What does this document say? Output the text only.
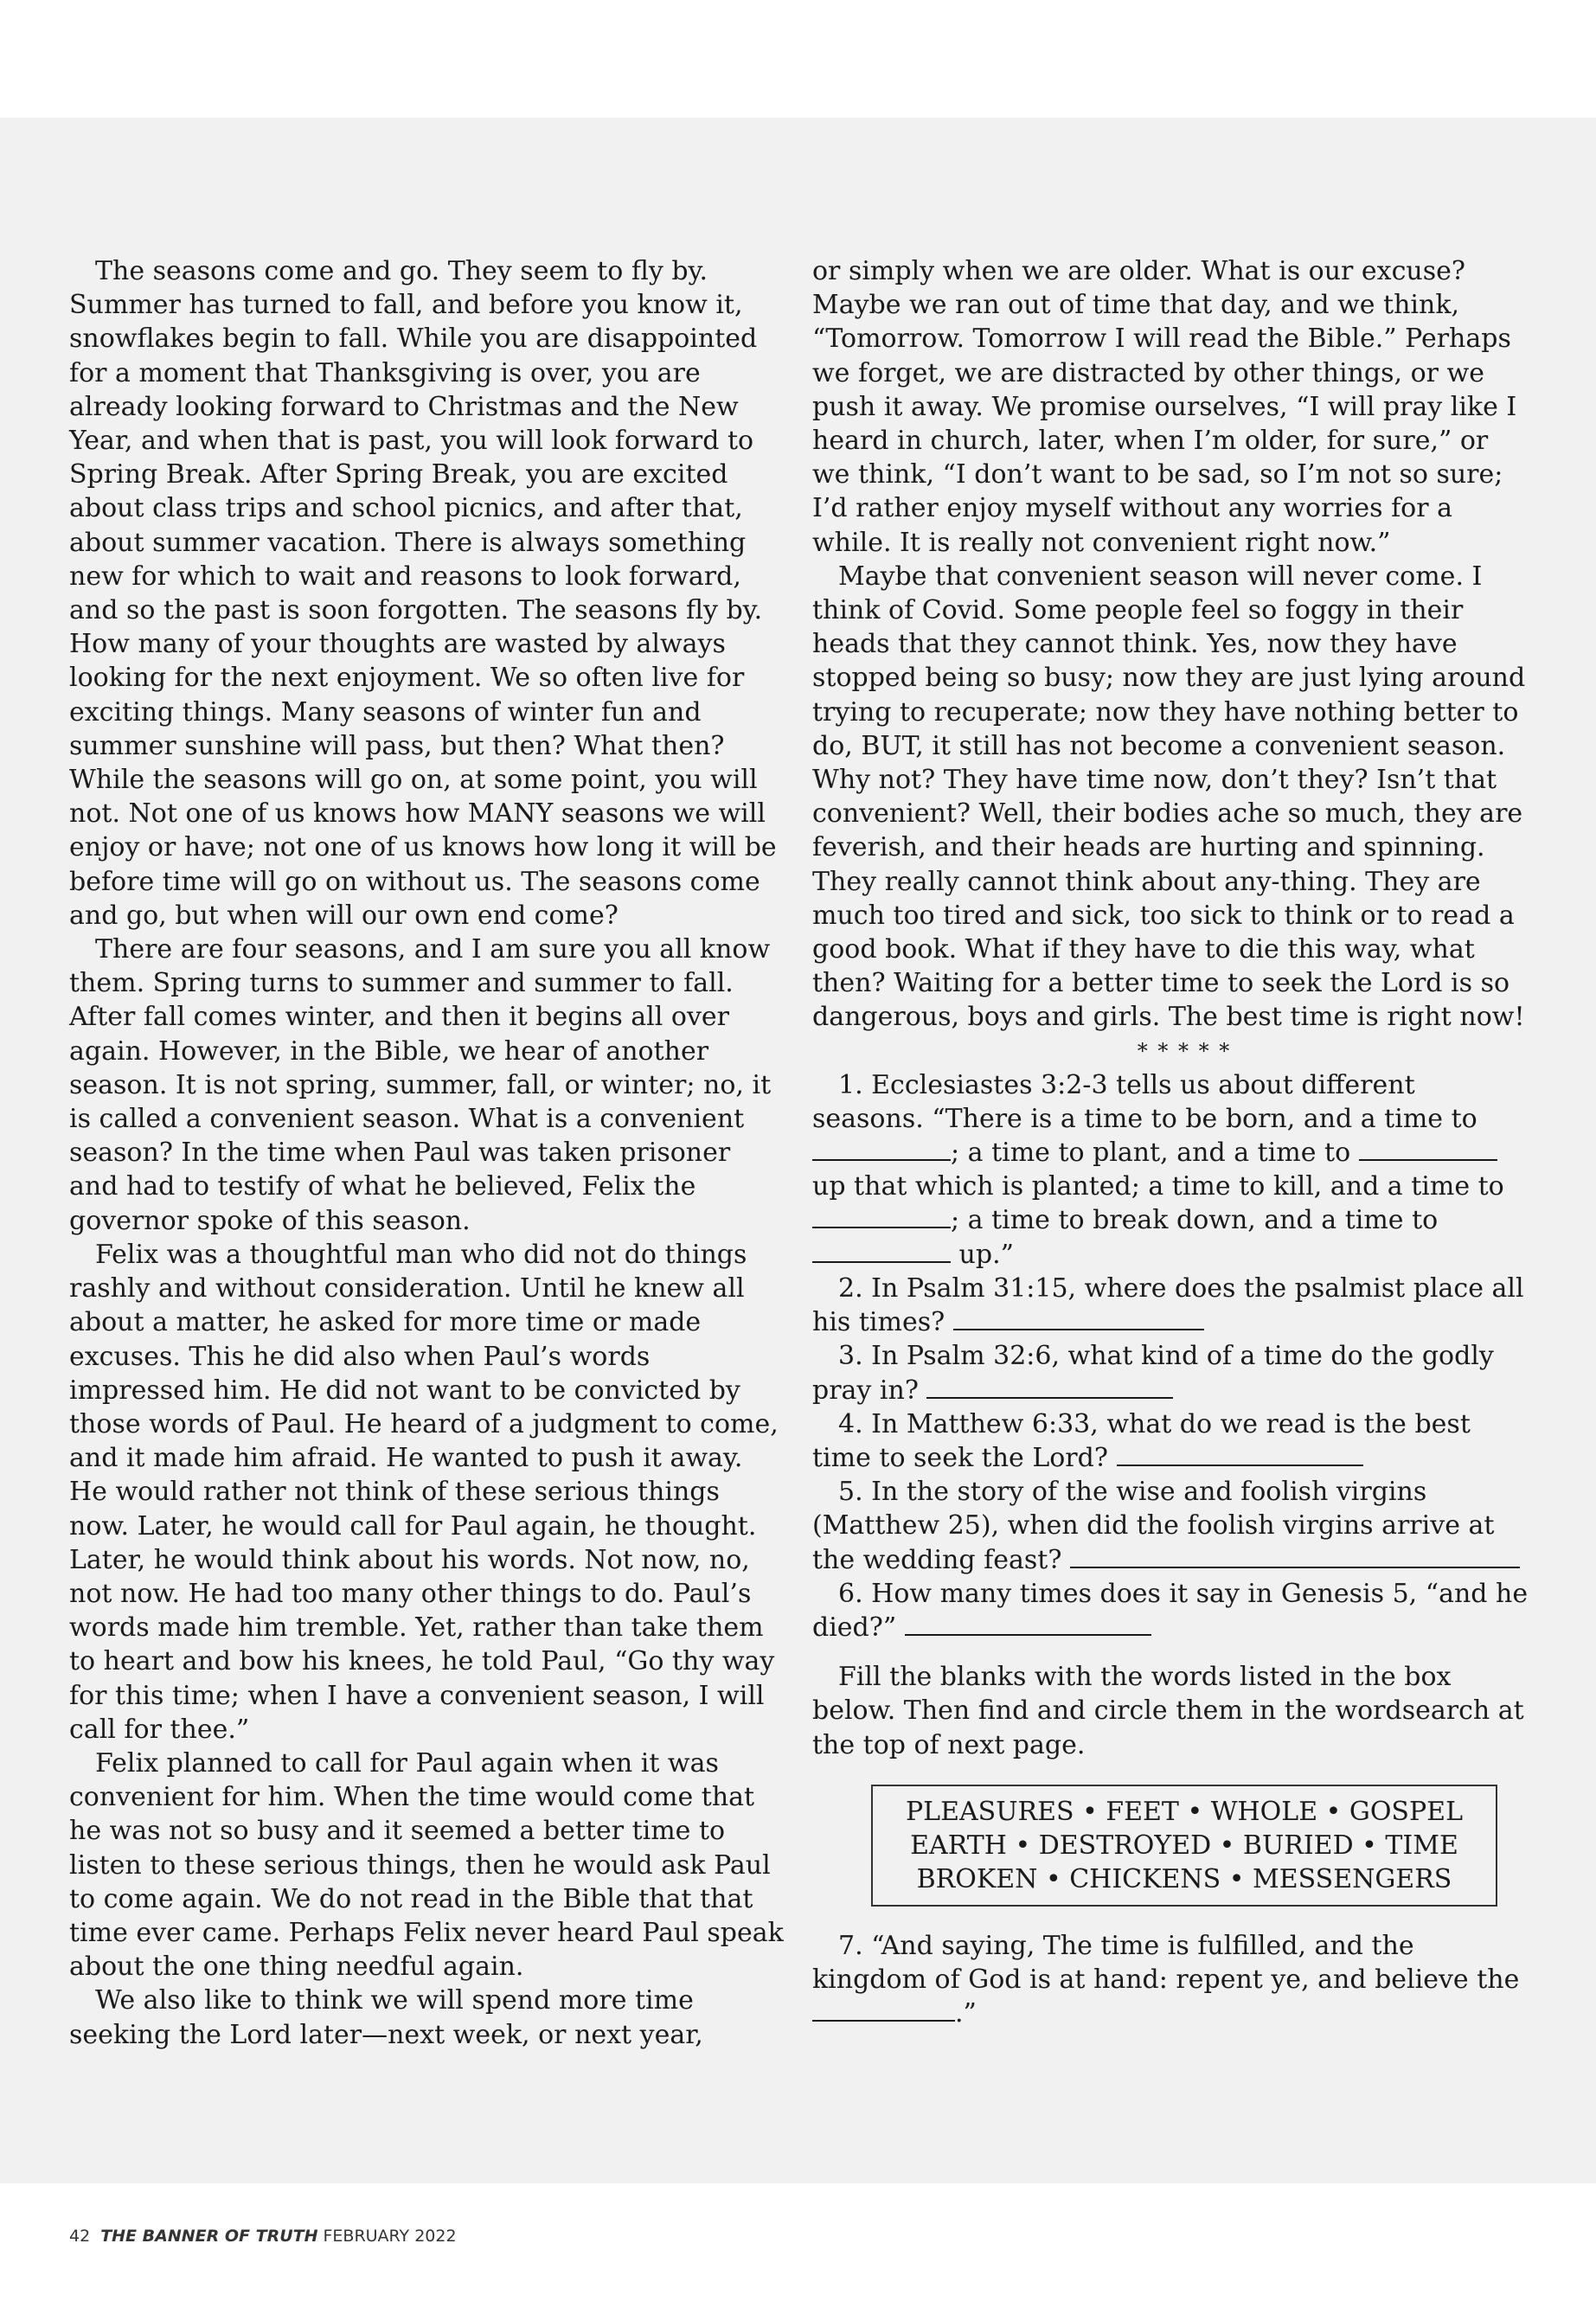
The seasons come and go. They seem to fly by. Summer has turned to fall, and before you know it, snowflakes begin to fall. While you are disappointed for a moment that Thanksgiving is over, you are already looking forward to Christmas and the New Year, and when that is past, you will look forward to Spring Break. After Spring Break, you are excited about class trips and school picnics, and after that, about summer vacation. There is always something new for which to wait and reasons to look forward, and so the past is soon forgotten. The seasons fly by. How many of your thoughts are wasted by always looking for the next enjoyment. We so often live for exciting things. Many seasons of winter fun and summer sunshine will pass, but then? What then? While the seasons will go on, at some point, you will not. Not one of us knows how MANY seasons we will enjoy or have; not one of us knows how long it will be before time will go on without us. The seasons come and go, but when will our own end come?

There are four seasons, and I am sure you all know them. Spring turns to summer and summer to fall. After fall comes winter, and then it begins all over again. However, in the Bible, we hear of another season. It is not spring, summer, fall, or winter; no, it is called a convenient season. What is a convenient season? In the time when Paul was taken prisoner and had to testify of what he believed, Felix the governor spoke of this season.

Felix was a thoughtful man who did not do things rashly and without consideration. Until he knew all about a matter, he asked for more time or made excuses. This he did also when Paul’s words impressed him. He did not want to be convicted by those words of Paul. He heard of a judgment to come, and it made him afraid. He wanted to push it away. He would rather not think of these serious things now. Later, he would call for Paul again, he thought. Later, he would think about his words. Not now, no, not now. He had too many other things to do. Paul’s words made him tremble. Yet, rather than take them to heart and bow his knees, he told Paul, “Go thy way for this time; when I have a convenient season, I will call for thee.”

Felix planned to call for Paul again when it was convenient for him. When the time would come that he was not so busy and it seemed a better time to listen to these serious things, then he would ask Paul to come again. We do not read in the Bible that that time ever came. Perhaps Felix never heard Paul speak about the one thing needful again.

We also like to think we will spend more time seeking the Lord later—next week, or next year,

or simply when we are older. What is our excuse? Maybe we ran out of time that day, and we think, “Tomorrow. Tomorrow I will read the Bible.” Perhaps we forget, we are distracted by other things, or we push it away. We promise ourselves, “I will pray like I heard in church, later, when I’m older, for sure,” or we think, “I don’t want to be sad, so I’m not so sure; I’d rather enjoy myself without any worries for a while. It is really not convenient right now.”

Maybe that convenient season will never come. I think of Covid. Some people feel so foggy in their heads that they cannot think. Yes, now they have stopped being so busy; now they are just lying around trying to recuperate; now they have nothing better to do, BUT, it still has not become a convenient season. Why not? They have time now, don’t they? Isn’t that convenient? Well, their bodies ache so much, they are feverish, and their heads are hurting and spinning. They really cannot think about any-thing. They are much too tired and sick, too sick to think or to read a good book. What if they have to die this way, what then? Waiting for a better time to seek the Lord is so dangerous, boys and girls. The best time is right now!

* * * * *

1. Ecclesiastes 3:2-3 tells us about different seasons. “There is a time to be born, and a time to ; a time to plant, and a time to  up that which is planted; a time to kill, and a time to ; a time to break down, and a time to  up.”

2. In Psalm 31:15, where does the psalmist place all his times?

3. In Psalm 32:6, what kind of a time do the godly pray in?

4. In Matthew 6:33, what do we read is the best time to seek the Lord?

5. In the story of the wise and foolish virgins (Matthew 25), when did the foolish virgins arrive at the wedding feast?

6. How many times does it say in Genesis 5, “and he died?”

Fill the blanks with the words listed in the box below. Then find and circle them in the wordsearch at the top of next page.

PLEASURES • FEET • WHOLE • GOSPEL
EARTH • DESTROYED • BURIED • TIME
BROKEN • CHICKENS • MESSENGERS

7. “And saying, The time is fulfilled, and the kingdom of God is at hand: repent ye, and believe the .”

42 THE BANNER OF TRUTH FEBRUARY 2022
